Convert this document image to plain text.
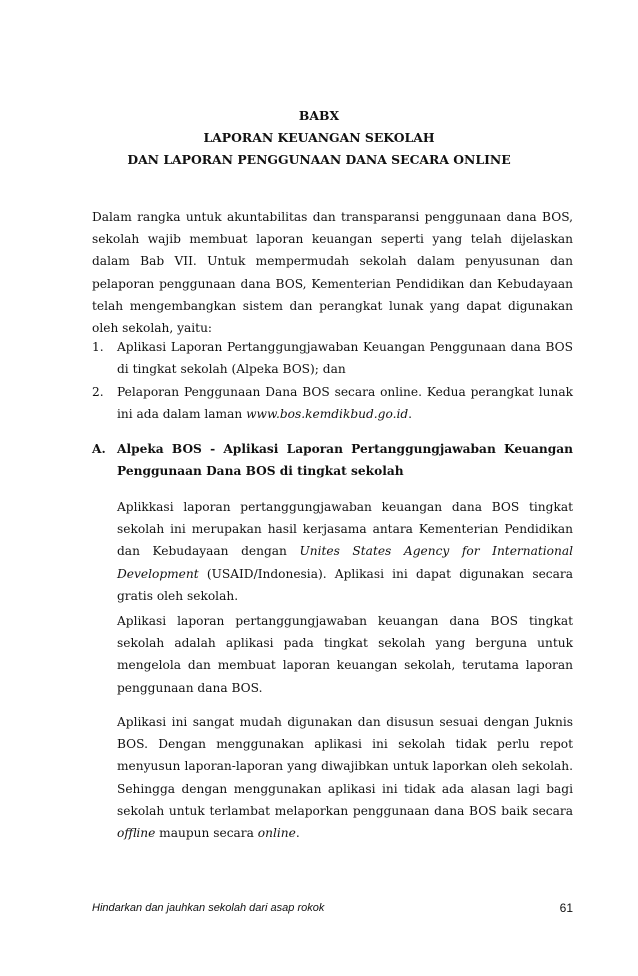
BABX
LAPORAN KEUANGAN SEKOLAH
DAN LAPORAN PENGGUNAAN DANA SECARA ONLINE

Dalam rangka untuk akuntabilitas dan transparansi penggunaan dana BOS, sekolah wajib membuat laporan keuangan seperti yang telah dijelaskan dalam Bab VII. Untuk mempermudah sekolah dalam penyusunan dan pelaporan penggunaan dana BOS, Kementerian Pendidikan dan Kebudayaan telah mengembangkan sistem dan perangkat lunak yang dapat digunakan oleh sekolah, yaitu:

1. Aplikasi Laporan Pertanggungjawaban Keuangan Penggunaan dana BOS di tingkat sekolah (Alpeka BOS); dan

2. Pelaporan Penggunaan Dana BOS secara online. Kedua perangkat lunak ini ada dalam laman www.bos.kemdikbud.go.id.

A. Alpeka BOS - Aplikasi Laporan Pertanggungjawaban Keuangan Penggunaan Dana BOS di tingkat sekolah

Aplikkasi laporan pertanggungjawaban keuangan dana BOS tingkat sekolah ini merupakan hasil kerjasama antara Kementerian Pendidikan dan Kebudayaan dengan Unites States Agency for International Development (USAID/Indonesia). Aplikasi ini dapat digunakan secara gratis oleh sekolah.

Aplikasi laporan pertanggungjawaban keuangan dana BOS tingkat sekolah adalah aplikasi pada tingkat sekolah yang berguna untuk mengelola dan membuat laporan keuangan sekolah, terutama laporan penggunaan dana BOS.

Aplikasi ini sangat mudah digunakan dan disusun sesuai dengan Juknis BOS. Dengan menggunakan aplikasi ini sekolah tidak perlu repot menyusun laporan-laporan yang diwajibkan untuk laporkan oleh sekolah. Sehingga dengan menggunakan aplikasi ini tidak ada alasan lagi bagi sekolah untuk terlambat melaporkan penggunaan dana BOS baik secara offline maupun secara online.

Hindarkan dan jauhkan sekolah dari asap rokok	61
